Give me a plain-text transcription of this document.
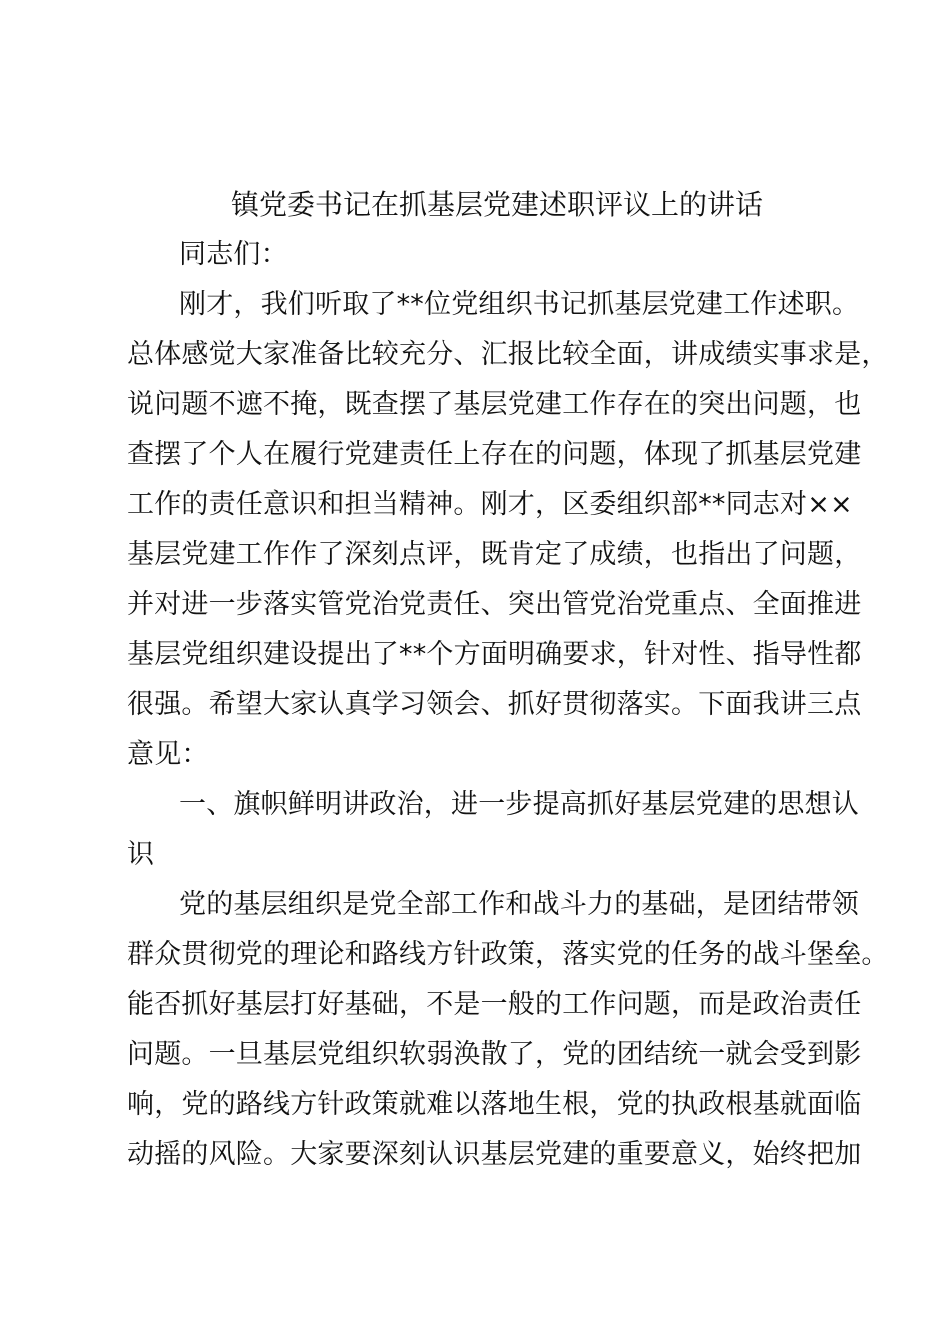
镇党委书记在抓基层党建述职评议上的讲话
同志们：
刚才，我们听取了**位党组织书记抓基层党建工作述职。
总体感觉大家准备比较充分、汇报比较全面，讲成绩实事求是，
说问题不遮不掩，既查摆了基层党建工作存在的突出问题，也
查摆了个人在履行党建责任上存在的问题，体现了抓基层党建
工作的责任意识和担当精神。刚才，区委组织部**同志对××
基层党建工作作了深刻点评，既肯定了成绩，也指出了问题，
并对进一步落实管党治党责任、突出管党治党重点、全面推进
基层党组织建设提出了**个方面明确要求，针对性、指导性都
很强。希望大家认真学习领会、抓好贯彻落实。下面我讲三点
意见：
一、旗帜鲜明讲政治，进一步提高抓好基层党建的思想认
识
党的基层组织是党全部工作和战斗力的基础，是团结带领
群众贯彻党的理论和路线方针政策，落实党的任务的战斗堡垒。
能否抓好基层打好基础，不是一般的工作问题，而是政治责任
问题。一旦基层党组织软弱涣散了，党的团结统一就会受到影
响，党的路线方针政策就难以落地生根，党的执政根基就面临
动摇的风险。大家要深刻认识基层党建的重要意义，始终把加
